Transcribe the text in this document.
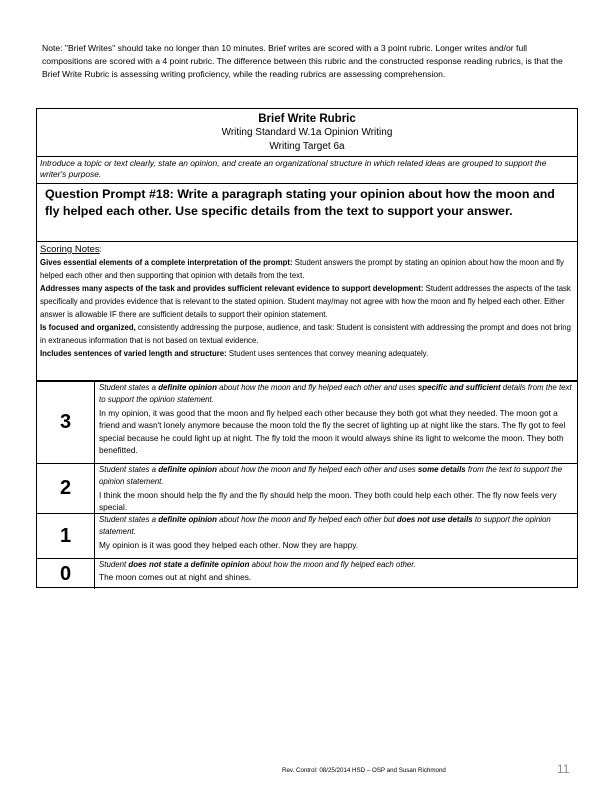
Note: "Brief Writes" should take no longer than 10 minutes. Brief writes are scored with a 3 point rubric. Longer writes and/or full compositions are scored with a 4 point rubric. The difference between this rubric and the constructed response reading rubrics, is that the Brief Write Rubric is assessing writing proficiency, while the reading rubrics are assessing comprehension.
Brief Write Rubric
Writing Standard W.1a Opinion Writing
Writing Target 6a
Introduce a topic or text clearly, state an opinion, and create an organizational structure in which related ideas are grouped to support the writer's purpose.
Question Prompt #18: Write a paragraph stating your opinion about how the moon and fly helped each other. Use specific details from the text to support your answer.
Scoring Notes:
Gives essential elements of a complete interpretation of the prompt: Student answers the prompt by stating an opinion about how the moon and fly helped each other and then supporting that opinion with details from the text.
Addresses many aspects of the task and provides sufficient relevant evidence to support development: Student addresses the aspects of the task specifically and provides evidence that is relevant to the stated opinion. Student may/may not agree with how the moon and fly helped each other. Either answer is allowable IF there are sufficient details to support their opinion statement.
Is focused and organized, consistently addressing the purpose, audience, and task: Student is consistent with addressing the prompt and does not bring in extraneous information that is not based on textual evidence.
Includes sentences of varied length and structure: Student uses sentences that convey meaning adequately.
3
Student states a definite opinion about how the moon and fly helped each other and uses specific and sufficient details from the text to support the opinion statement.
In my opinion, it was good that the moon and fly helped each other because they both got what they needed. The moon got a friend and wasn't lonely anymore because the moon told the fly the secret of lighting up at night like the stars. The fly got to feel special because he could light up at night. The fly told the moon it would always shine its light to welcome the moon. They both benefitted.
2
Student states a definite opinion about how the moon and fly helped each other and uses some details from the text to support the opinion statement.
I think the moon should help the fly and the fly should help the moon. They both could help each other. The fly now feels very special.
1
Student states a definite opinion about how the moon and fly helped each other but does not use details to support the opinion statement.
My opinion is it was good they helped each other. Now they are happy.
0	Student does not state a definite opinion about how the moon and fly helped each other.
The moon comes out at night and shines.
Rev. Control: 08/25/2014 HSD – OSP and Susan Richmond	11
